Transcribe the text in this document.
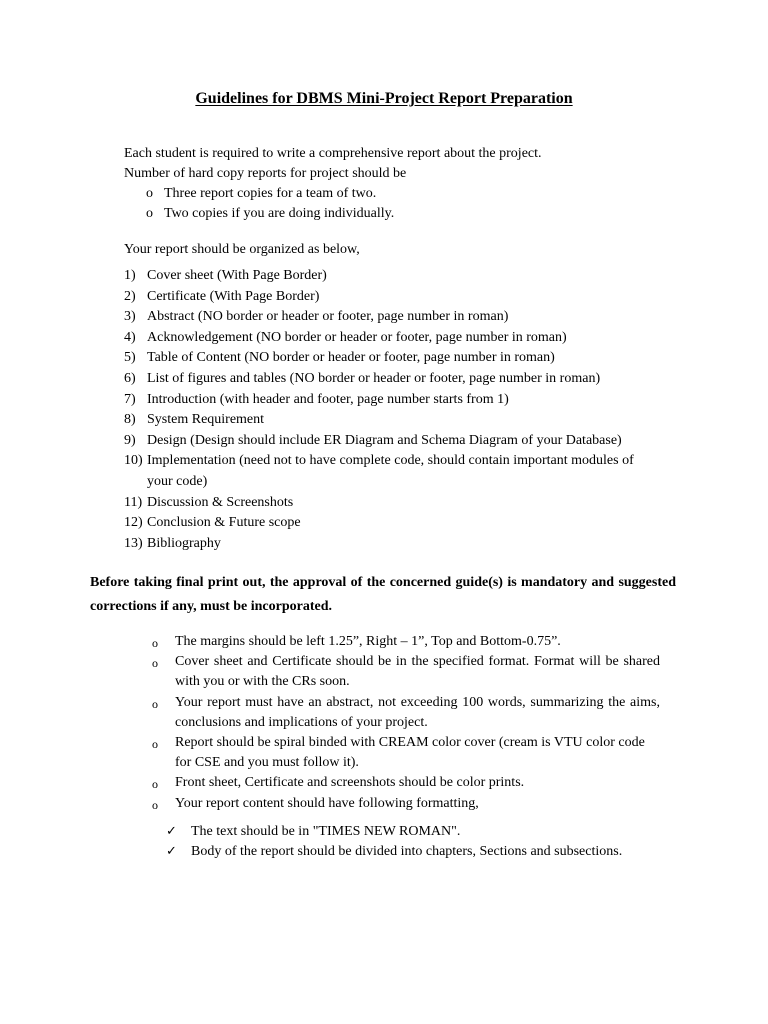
Guidelines for DBMS Mini-Project Report Preparation
Each student is required to write a comprehensive report about the project.
Number of hard copy reports for project should be
o Three report copies for a team of two.
o Two copies if you are doing individually.
Your report should be organized as below,
1) Cover sheet (With Page Border)
2) Certificate (With Page Border)
3) Abstract (NO border or header or footer, page number in roman)
4) Acknowledgement (NO border or header or footer, page number in roman)
5) Table of Content (NO border or header or footer, page number in roman)
6) List of figures and tables (NO border or header or footer, page number in roman)
7) Introduction (with header and footer, page number starts from 1)
8) System Requirement
9) Design (Design should include ER Diagram and Schema Diagram of your Database)
10) Implementation (need not to have complete code, should contain important modules of
your code)
11) Discussion & Screenshots
12) Conclusion & Future scope
13) Bibliography
Before taking final print out, the approval of the concerned guide(s) is mandatory and suggested corrections if any, must be incorporated.
o The margins should be left 1.25”, Right – 1”, Top and Bottom-0.75”.
o Cover sheet and Certificate should be in the specified format. Format will be shared with you or with the CRs soon.
o Your report must have an abstract, not exceeding 100 words, summarizing the aims, conclusions and implications of your project.
o Report should be spiral binded with CREAM color cover (cream is VTU color code for CSE and you must follow it).
o Front sheet, Certificate and screenshots should be color prints.
o Your report content should have following formatting,
✓ The text should be in "TIMES NEW ROMAN".
✓ Body of the report should be divided into chapters, Sections and subsections.
